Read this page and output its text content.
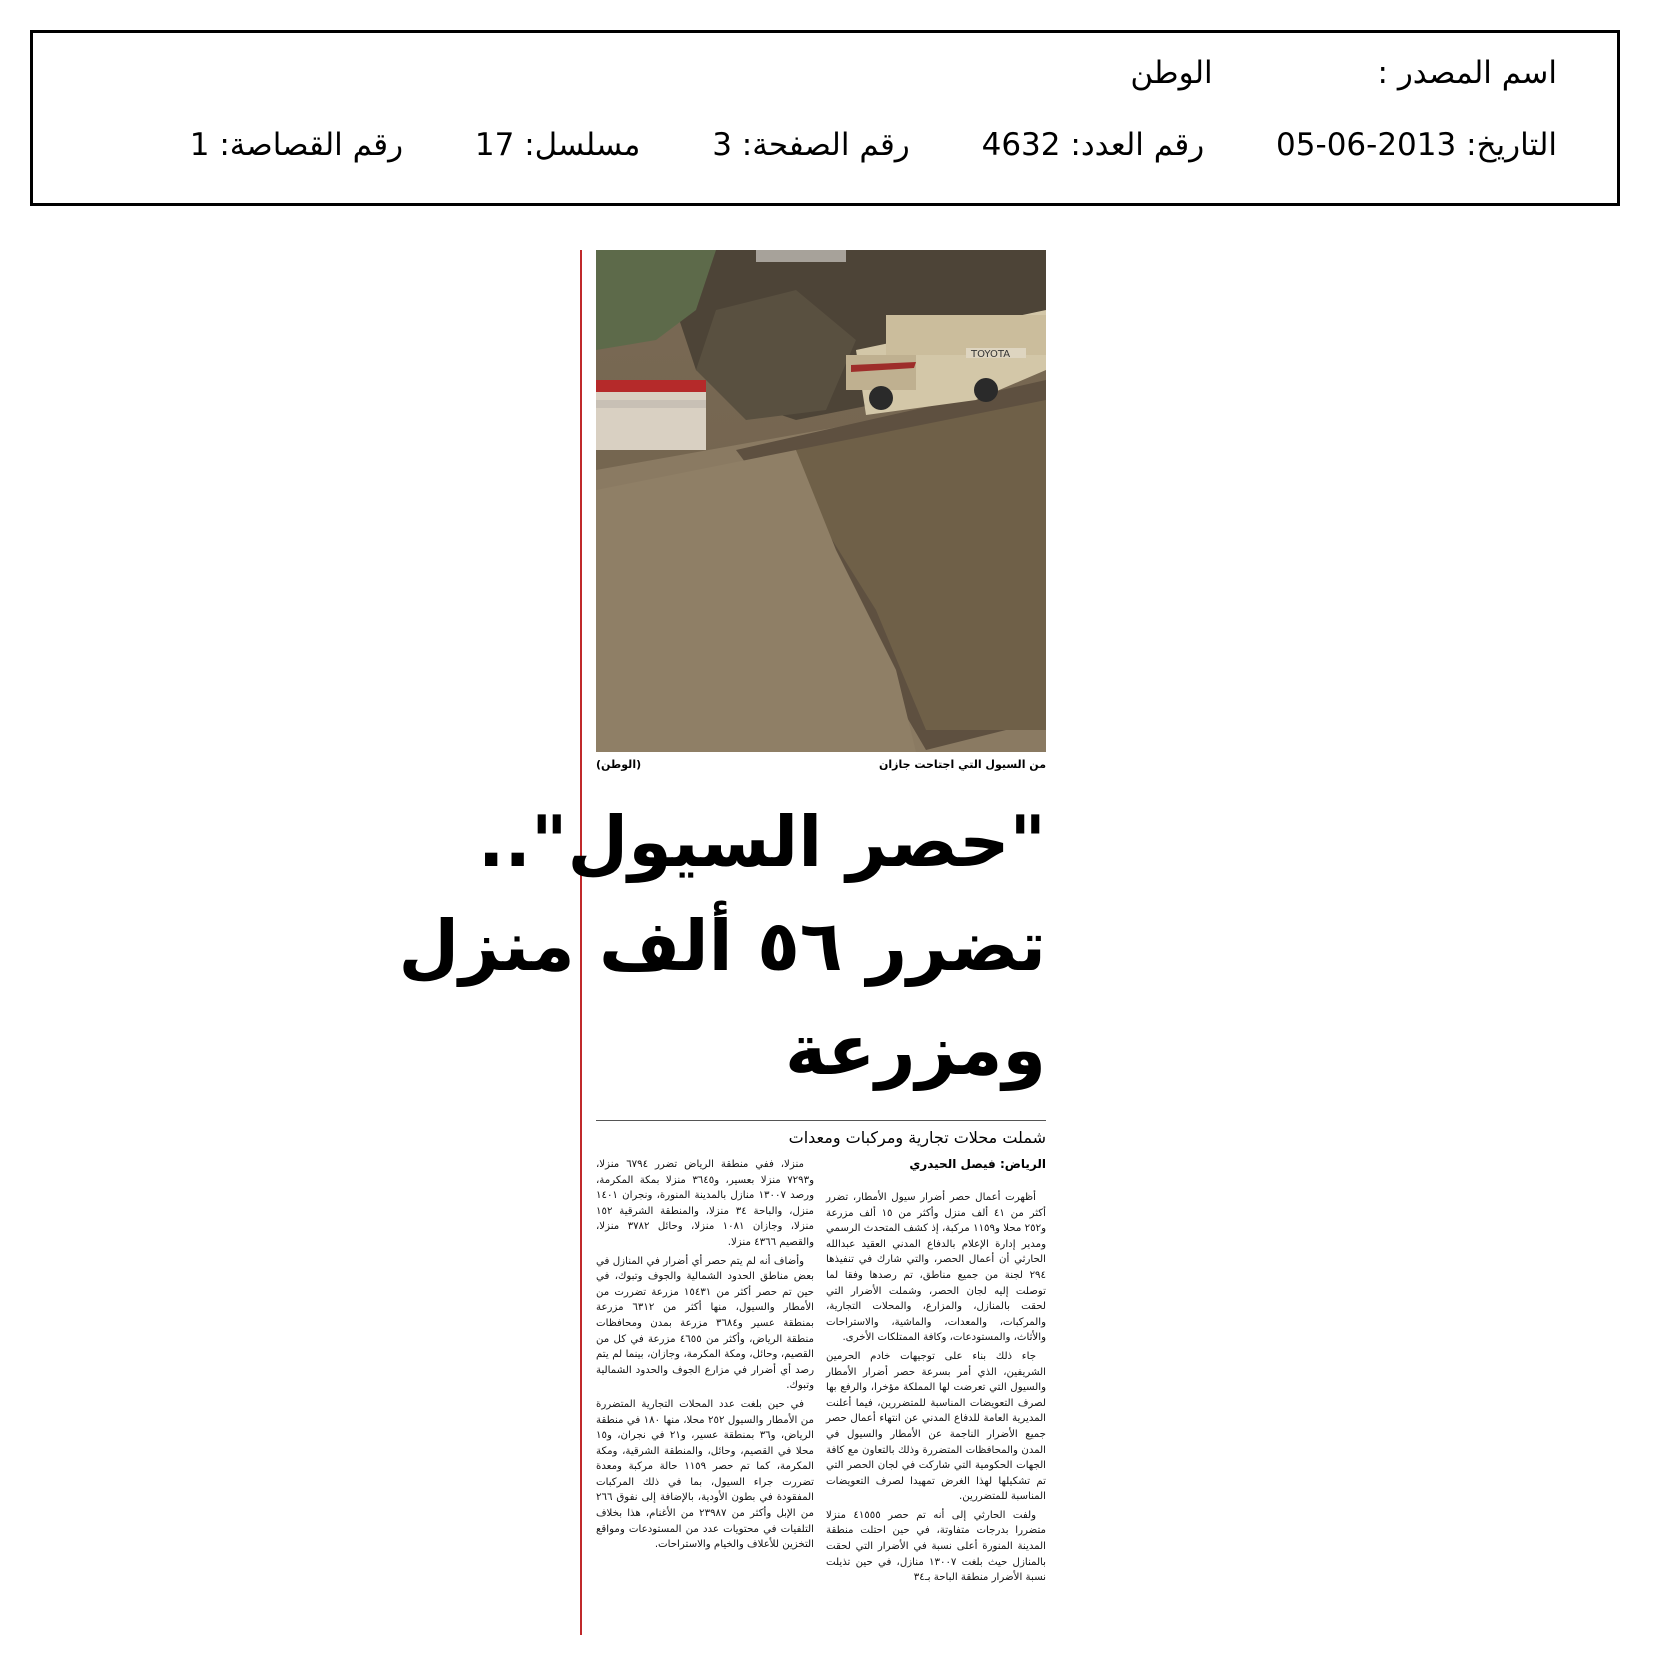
اسم المصدر : الوطن
التاريخ: 2013-06-05 رقم العدد: 4632 رقم الصفحة: 3 مسلسل: 17 رقم القصاصة: 1
TOYOTA
من السيول التي اجتاحت جازان
(الوطن)
"حصر السيول"..
تضرر ٥٦ ألف منزل
ومزرعة
شملت محلات تجارية ومركبات ومعدات
الرياض: فيصل الحيدري

أظهرت أعمال حصر أضرار سيول الأمطار، تضرر أكثر من ٤١ ألف منزل وأكثر من ١٥ ألف مزرعة و٢٥٢ محلا و١١٥٩ مركبة، إذ كشف المتحدث الرسمي ومدير إدارة الإعلام بالدفاع المدني العقيد عبدالله الحارثي أن أعمال الحصر، والتي شارك في تنفيذها ٢٩٤ لجنة من جميع مناطق، تم رصدها وفقا لما توصلت إليه لجان الحصر، وشملت الأضرار التي لحقت بالمنازل، والمزارع، والمحلات التجارية، والمركبات، والمعدات، والماشية، والاستراحات والأثاث، والمستودعات، وكافة الممتلكات الأخرى.

جاء ذلك بناء على توجيهات خادم الحرمين الشريفين، الذي أمر بسرعة حصر أضرار الأمطار والسيول التي تعرضت لها المملكة مؤخرا، والرفع بها لصرف التعويضات المناسبة للمتضررين، فيما أعلنت المديرية العامة للدفاع المدني عن انتهاء أعمال حصر جميع الأضرار الناجمة عن الأمطار والسيول في المدن والمحافظات المتضررة وذلك بالتعاون مع كافة الجهات الحكومية التي شاركت في لجان الحصر التي تم تشكيلها لهذا الغرض تمهيدا لصرف التعويضات المناسبة للمتضررين.

ولفت الحارثي إلى أنه تم حصر ٤١٥٥٥ منزلا متضررا بدرجات متفاوتة، في حين احتلت منطقة المدينة المنورة أعلى نسبة في الأضرار التي لحقت بالمنازل حيث بلغت ١٣٠٠٧ منازل، في حين تذيلت نسبة الأضرار منطقة الباحة بـ٣٤

منزلا، ففي منطقة الرياض تضرر ٦٧٩٤ منزلا، و٧٢٩٣ منزلا بعسير، و٣٦٤٥ منزلا بمكة المكرمة، ورصد ١٣٠٠٧ منازل بالمدينة المنورة، ونجران ١٤٠١ منزل، والباحة ٣٤ منزلا، والمنطقة الشرقية ١٥٢ منزلا، وجازان ١٠٨١ منزلا، وحائل ٣٧٨٢ منزلا، والقصيم ٤٣٦٦ منزلا.

وأضاف أنه لم يتم حصر أي أضرار في المنازل في بعض مناطق الحدود الشمالية والجوف وتبوك، في حين تم حصر أكثر من ١٥٤٣١ مزرعة تضررت من الأمطار والسيول، منها أكثر من ٦٣١٢ مزرعة بمنطقة عسير و٣٦٨٤ مزرعة بمدن ومحافظات منطقة الرياض، وأكثر من ٤٦٥٥ مزرعة في كل من القصيم، وحائل، ومكة المكرمة، وجازان، بينما لم يتم رصد أي أضرار في مزارع الجوف والحدود الشمالية وتبوك.

في حين بلغت عدد المحلات التجارية المتضررة من الأمطار والسيول ٢٥٢ محلا، منها ١٨٠ في منطقة الرياض، و٣٦ بمنطقة عسير، و٢١ في نجران، و١٥ محلا في القصيم، وحائل، والمنطقة الشرقية، ومكة المكرمة، كما تم حصر ١١٥٩ حالة مركبة ومعدة تضررت جراء السيول، بما في ذلك المركبات المفقودة في بطون الأودية، بالإضافة إلى نفوق ٢٦٦ من الإبل وأكثر من ٢٣٩٨٧ من الأغنام، هذا بخلاف التلفيات في محتويات عدد من المستودعات ومواقع التخزين للأعلاف والخيام والاستراحات.
